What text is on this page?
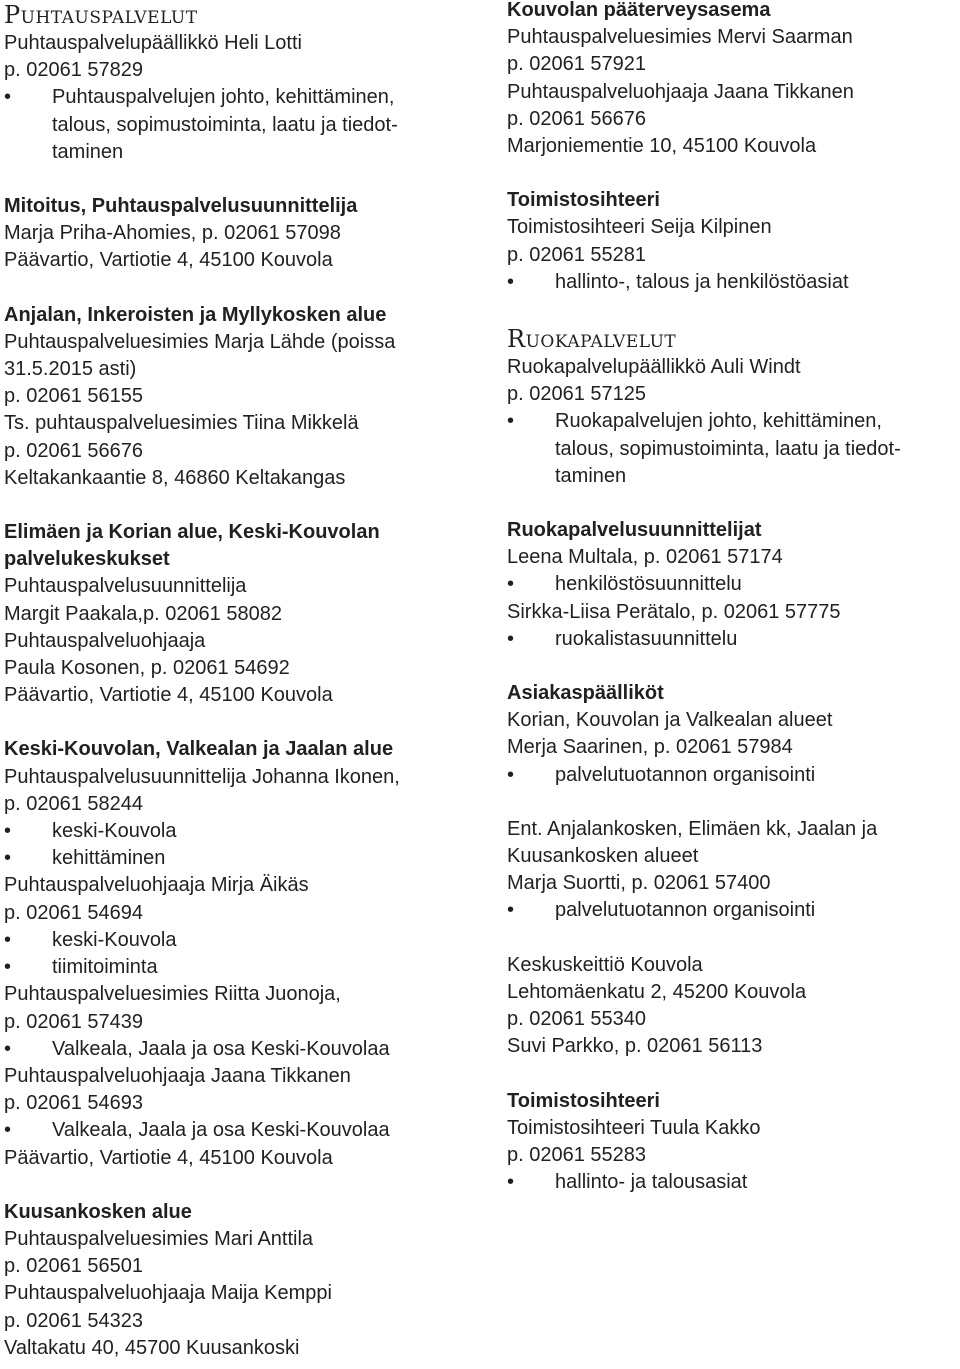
Puhtauspalvelut
Puhtauspalvelupäällikkö Heli Lotti
p. 02061 57829
• Puhtauspalvelujen johto, kehittäminen,
talous, sopimustoiminta, laatu ja tiedot-
taminen
Mitoitus, Puhtauspalvelusuunnittelija
Marja Priha-Ahomies, p. 02061 57098
Päävartio, Vartiotie 4, 45100 Kouvola
Anjalan, Inkeroisten ja Myllykosken alue
Puhtauspalveluesimies Marja Lähde (poissa
31.5.2015 asti)
p. 02061 56155
Ts. puhtauspalveluesimies Tiina Mikkelä
p. 02061 56676
Keltakankaantie 8, 46860 Keltakangas
Elimäen ja Korian alue, Keski-Kouvolan
palvelukeskukset
Puhtauspalvelusuunnittelija
Margit Paakala,p. 02061 58082
Puhtauspalveluohjaaja
Paula Kosonen, p. 02061 54692
Päävartio, Vartiotie 4, 45100 Kouvola
Keski-Kouvolan, Valkealan ja Jaalan alue
Puhtauspalvelusuunnittelija Johanna Ikonen,
p. 02061 58244
• keski-Kouvola
• kehittäminen
Puhtauspalveluohjaaja Mirja Äikäs
p. 02061 54694
• keski-Kouvola
• tiimitoiminta
Puhtauspalveluesimies Riitta Juonoja,
p. 02061 57439
• Valkeala, Jaala ja osa Keski-Kouvolaa
Puhtauspalveluohjaaja Jaana Tikkanen
p. 02061 54693
• Valkeala, Jaala ja osa Keski-Kouvolaa
Päävartio, Vartiotie 4, 45100 Kouvola
Kuusankosken alue
Puhtauspalveluesimies Mari Anttila
p. 02061 56501
Puhtauspalveluohjaaja Maija Kemppi
p. 02061 54323
Valtakatu 40, 45700 Kuusankoski
Kouvolan pääterveysasema
Puhtauspalveluesimies Mervi Saarman
p. 02061 57921
Puhtauspalveluohjaaja Jaana Tikkanen
p. 02061 56676
Marjoniementie 10, 45100 Kouvola
Toimistosihteeri
Toimistosihteeri Seija Kilpinen
p. 02061 55281
• hallinto-, talous ja henkilöstöasiat
Ruokapalvelut
Ruokapalvelupäällikkö Auli Windt
p. 02061 57125
• Ruokapalvelujen johto, kehittäminen,
talous, sopimustoiminta, laatu ja tiedot-
taminen
Ruokapalvelusuunnittelijat
Leena Multala, p. 02061 57174
• henkilöstösuunnittelu
Sirkka-Liisa Perätalo, p. 02061 57775
• ruokalistasuunnittelu
Asiakaspäälliköt
Korian, Kouvolan ja Valkealan alueet
Merja Saarinen, p. 02061 57984
• palvelutuotannon organisointi
Ent. Anjalankosken, Elimäen kk, Jaalan ja
Kuusankosken alueet
Marja Suortti, p. 02061 57400
• palvelutuotannon organisointi
Keskuskeittiö Kouvola
Lehtomäenkatu 2, 45200 Kouvola
p. 02061 55340
Suvi Parkko, p. 02061 56113
Toimistosihteeri
Toimistosihteeri Tuula Kakko
p. 02061 55283
• hallinto- ja talousasiat
